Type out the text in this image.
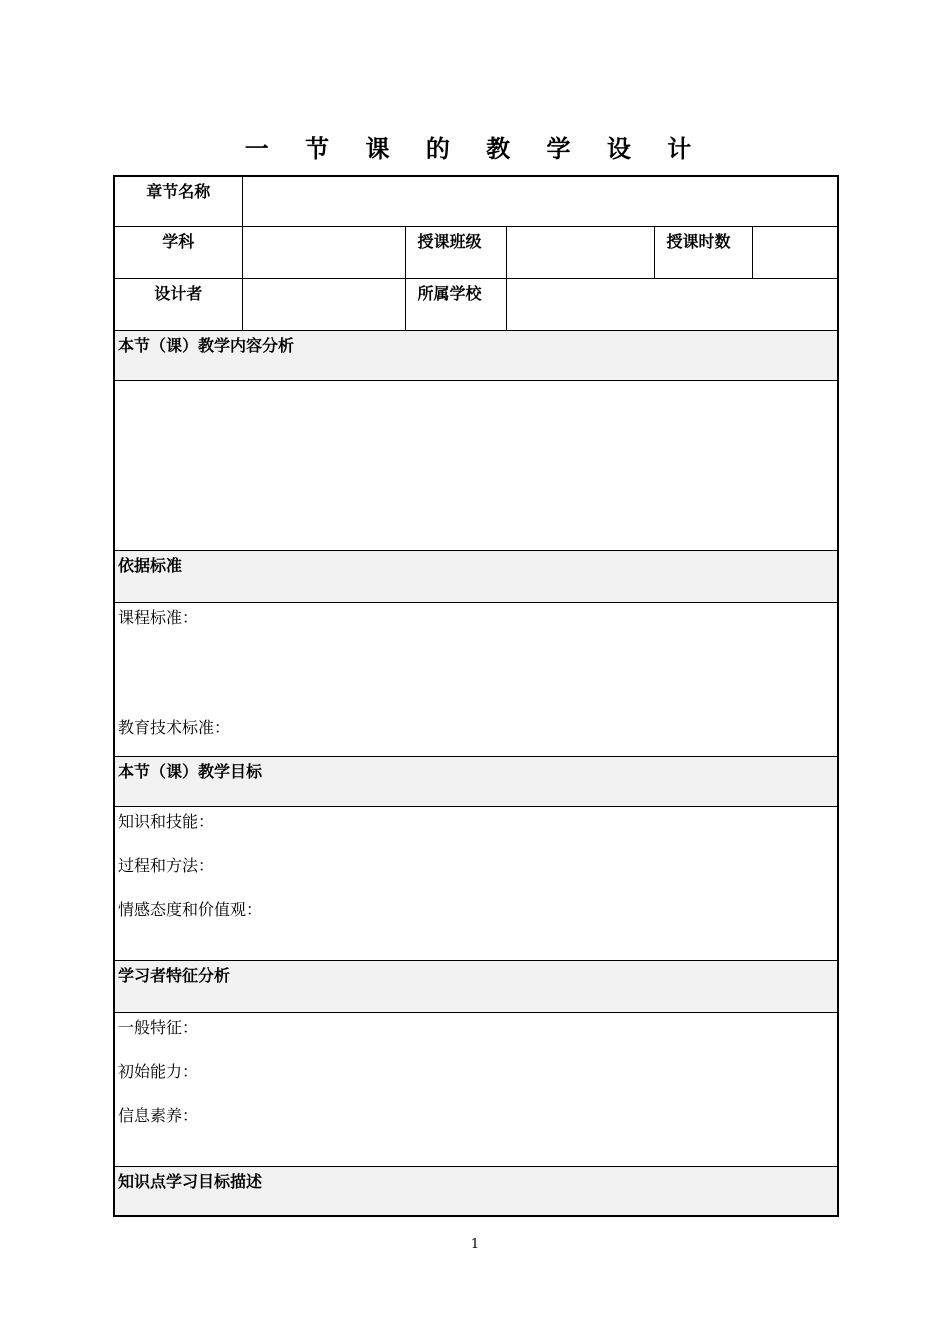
一 节 课 的 教 学 设 计
章节名称					
学科		授课班级		授课时数	
设计者		所属学校			
本节（课）教学内容分析					

依据标准					

课程标准：
教育技术标准：					

本节（课）教学目标					

知识和技能：
过程和方法：
情感态度和价值观：					

学习者特征分析					

一般特征：
初始能力：
信息素养：					

知识点学习目标描述					
1
